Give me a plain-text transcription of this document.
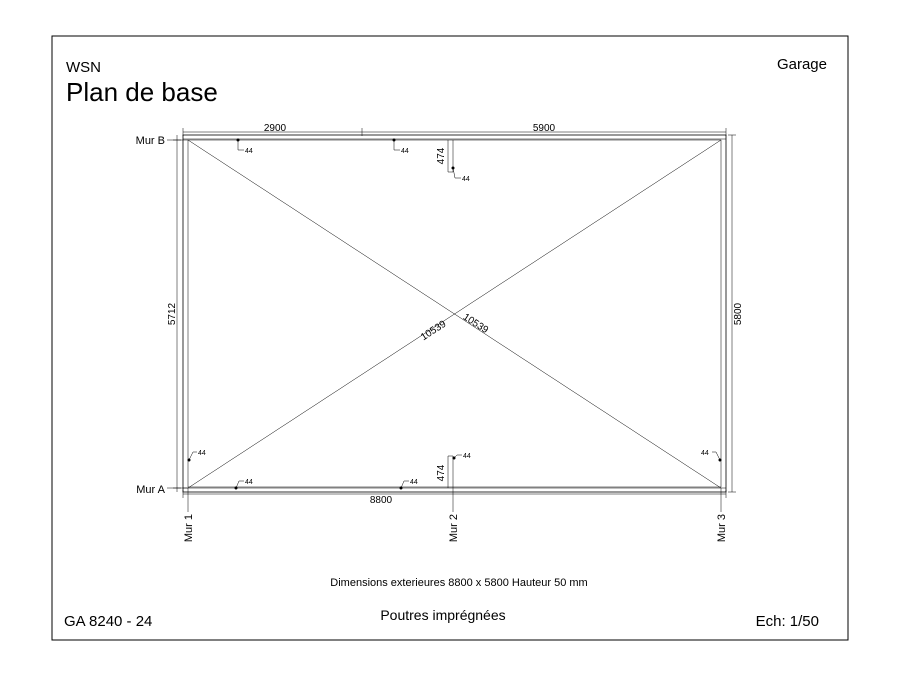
WSN
Plan de base
Garage
10539 10539
2900	5900
8800
5712	5800
474
474
44	44
44
44
44	44
44	44
Mur B
Mur A
Mur 1	Mur 2	Mur 3
Dimensions exterieures 8800 x 5800 Hauteur 50 mm
Poutres imprégnées
GA 8240 - 24	Ech: 1/50
